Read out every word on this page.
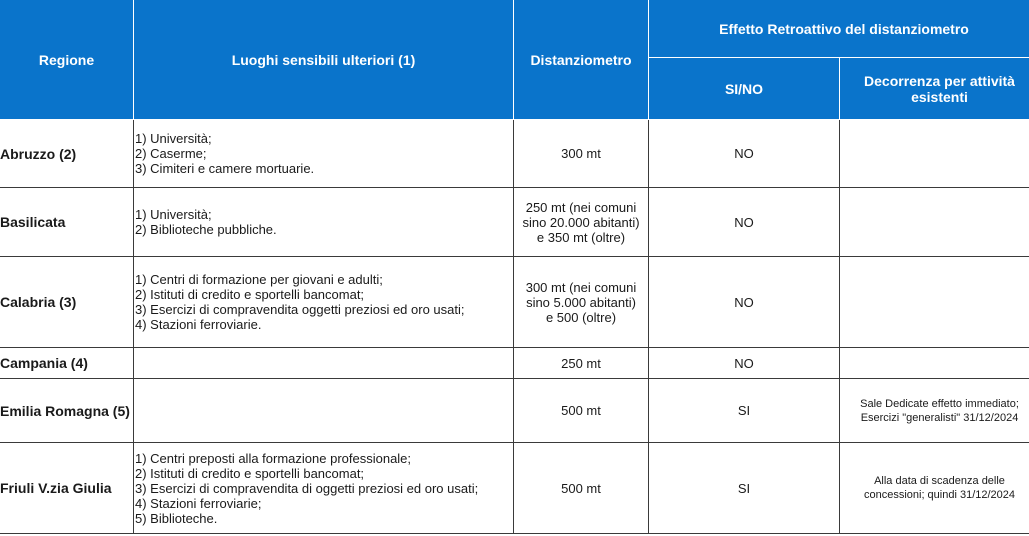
Regione	Luoghi sensibili ulteriori (1)	Distanziometro	Effetto Retroattivo del distanziometro	
			SI/NO	Decorrenza per attività esistenti
Abruzzo (2)	1) Università;
2) Caserme;
3) Cimiteri e camere mortuarie.	300 mt	NO	
Basilicata	1) Università;
2) Biblioteche pubbliche.	250 mt (nei comuni
sino 20.000 abitanti)
e 350 mt (oltre)	NO	
Calabria (3)	1) Centri di formazione per giovani e adulti;
2) Istituti di credito e sportelli bancomat;
3) Esercizi di compravendita oggetti preziosi ed oro usati;
4) Stazioni ferroviarie.	300 mt (nei comuni
sino 5.000 abitanti)
e 500 (oltre)	NO	
Campania (4)		250 mt	NO	
Emilia Romagna (5)		500 mt	SI	Sale Dedicate effetto immediato;
Esercizi "generalisti" 31/12/2024

Friuli V.zia Giulia	1) Centri preposti alla formazione professionale;
2) Istituti di credito e sportelli bancomat;
3) Esercizi di compravendita di oggetti preziosi ed oro usati;
4) Stazioni ferroviarie;
5) Biblioteche.	500 mt	SI	Alla data di scadenza delle
concessioni; quindi 31/12/2024
